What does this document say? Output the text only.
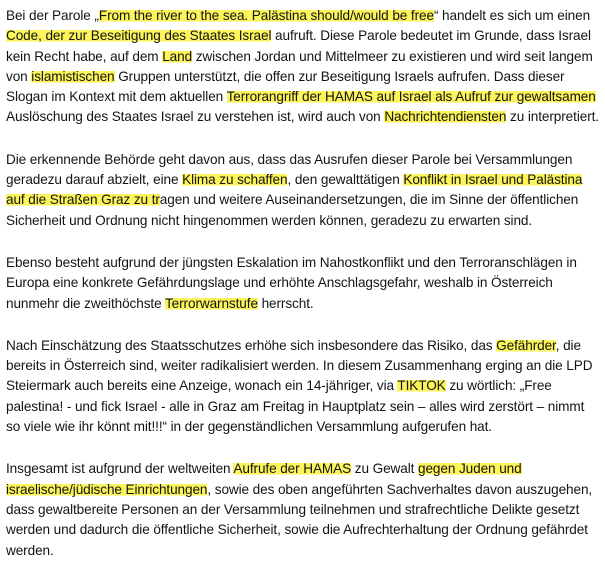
Bei der Parole „From the river to the sea. Palästina should/would be free“ handelt es sich um einen Code, der zur Beseitigung des Staates Israel aufruft. Diese Parole bedeutet im Grunde, dass Israel kein Recht habe, auf dem Land zwischen Jordan und Mittelmeer zu existieren und wird seit langem von islamistischen Gruppen unterstützt, die offen zur Beseitigung Israels aufrufen. Dass dieser Slogan im Kontext mit dem aktuellen Terrorangriff der HAMAS auf Israel als Aufruf zur gewaltsamen Auslöschung des Staates Israel zu verstehen ist, wird auch von Nachrichtendiensten zu interpretiert.

Die erkennende Behörde geht davon aus, dass das Ausrufen dieser Parole bei Versammlungen geradezu darauf abzielt, eine Klima zu schaffen, den gewalttätigen Konflikt in Israel und Palästina auf die Straßen Graz zu tragen und weitere Auseinandersetzungen, die im Sinne der öffentlichen Sicherheit und Ordnung nicht hingenommen werden können, geradezu zu erwarten sind.

Ebenso besteht aufgrund der jüngsten Eskalation im Nahostkonflikt und den Terroranschlägen in Europa eine konkrete Gefährdungslage und erhöhte Anschlagsgefahr, weshalb in Österreich nunmehr die zweithöchste Terrorwarnstufe herrscht.

Nach Einschätzung des Staatsschutzes erhöhe sich insbesondere das Risiko, das Gefährder, die bereits in Österreich sind, weiter radikalisiert werden. In diesem Zusammenhang erging an die LPD Steiermark auch bereits eine Anzeige, wonach ein 14-jähriger, via TIKTOK zu wörtlich: „Free palestina! - und fick Israel - alle in Graz am Freitag in Hauptplatz sein – alles wird zerstört – nimmt so viele wie ihr könnt mit!!!“ in der gegenständlichen Versammlung aufgerufen hat.

Insgesamt ist aufgrund der weltweiten Aufrufe der HAMAS zu Gewalt gegen Juden und israelische/jüdische Einrichtungen, sowie des oben angeführten Sachverhaltes davon auszugehen, dass gewaltbereite Personen an der Versammlung teilnehmen und strafrechtliche Delikte gesetzt werden und dadurch die öffentliche Sicherheit, sowie die Aufrechterhaltung der Ordnung gefährdet werden.
